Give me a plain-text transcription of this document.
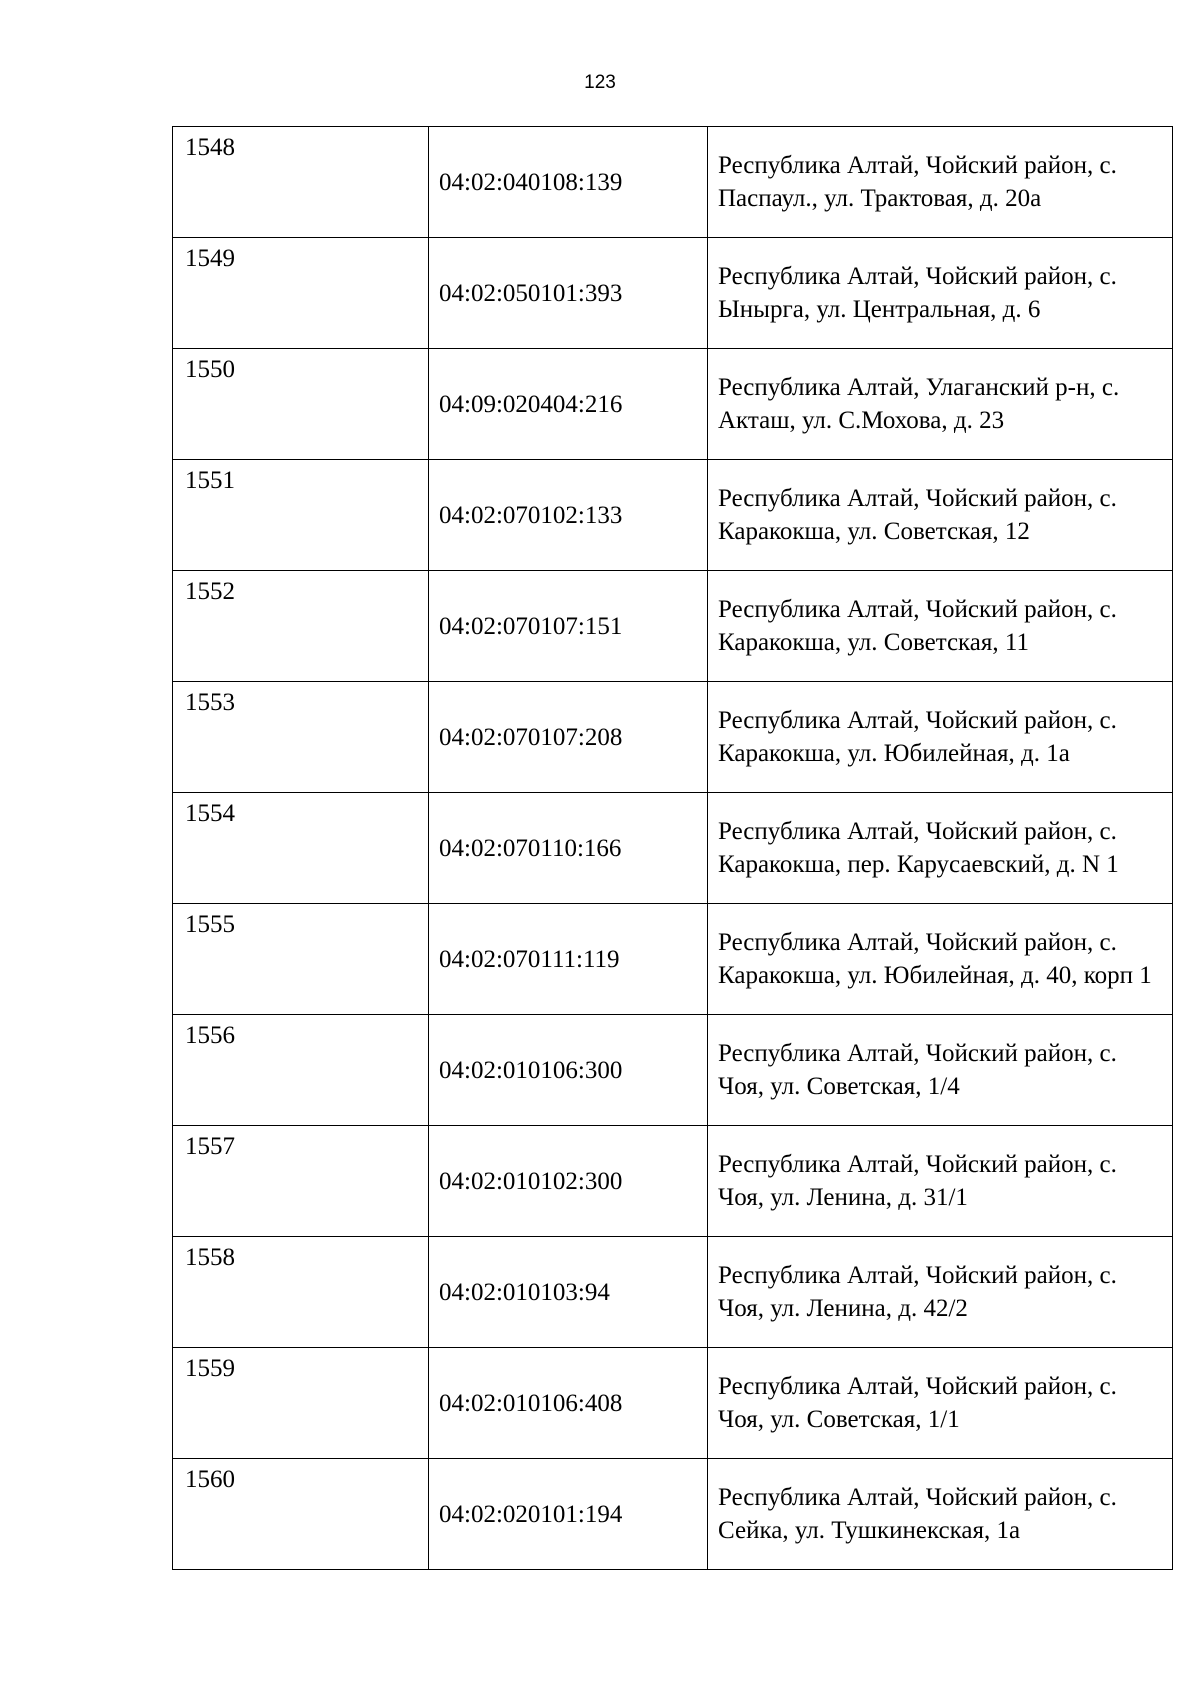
123
1548	04:02:040108:139	Республика Алтай, Чойский район, с. Паспаул., ул. Трактовая, д. 20а
1549	04:02:050101:393	Республика Алтай, Чойский район, с. Ыныргa, ул. Центральная, д. 6
1550	04:09:020404:216	Республика Алтай, Улаганский р-н, с. Акташ, ул. С.Мохова, д. 23
1551	04:02:070102:133	Республика Алтай, Чойский район, с. Каракокша, ул. Советская, 12
1552	04:02:070107:151	Республика Алтай, Чойский район, с. Каракокша, ул. Советская, 11
1553	04:02:070107:208	Республика Алтай, Чойский район, с. Каракокша, ул. Юбилейная, д. 1а
1554	04:02:070110:166	Республика Алтай, Чойский район, с. Каракокша, пер. Карусаевский, д. N 1
1555	04:02:070111:119	Республика Алтай, Чойский район, с. Каракокша, ул. Юбилейная, д. 40, корп 1
1556	04:02:010106:300	Республика Алтай, Чойский район, с. Чоя, ул. Советская, 1/4
1557	04:02:010102:300	Республика Алтай, Чойский район, с. Чоя, ул. Ленина, д. 31/1
1558	04:02:010103:94	Республика Алтай, Чойский район, с. Чоя, ул. Ленина, д. 42/2
1559	04:02:010106:408	Республика Алтай, Чойский район, с. Чоя, ул. Советская, 1/1
1560	04:02:020101:194	Республика Алтай, Чойский район, с. Сейка, ул. Тушкинекская, 1а
